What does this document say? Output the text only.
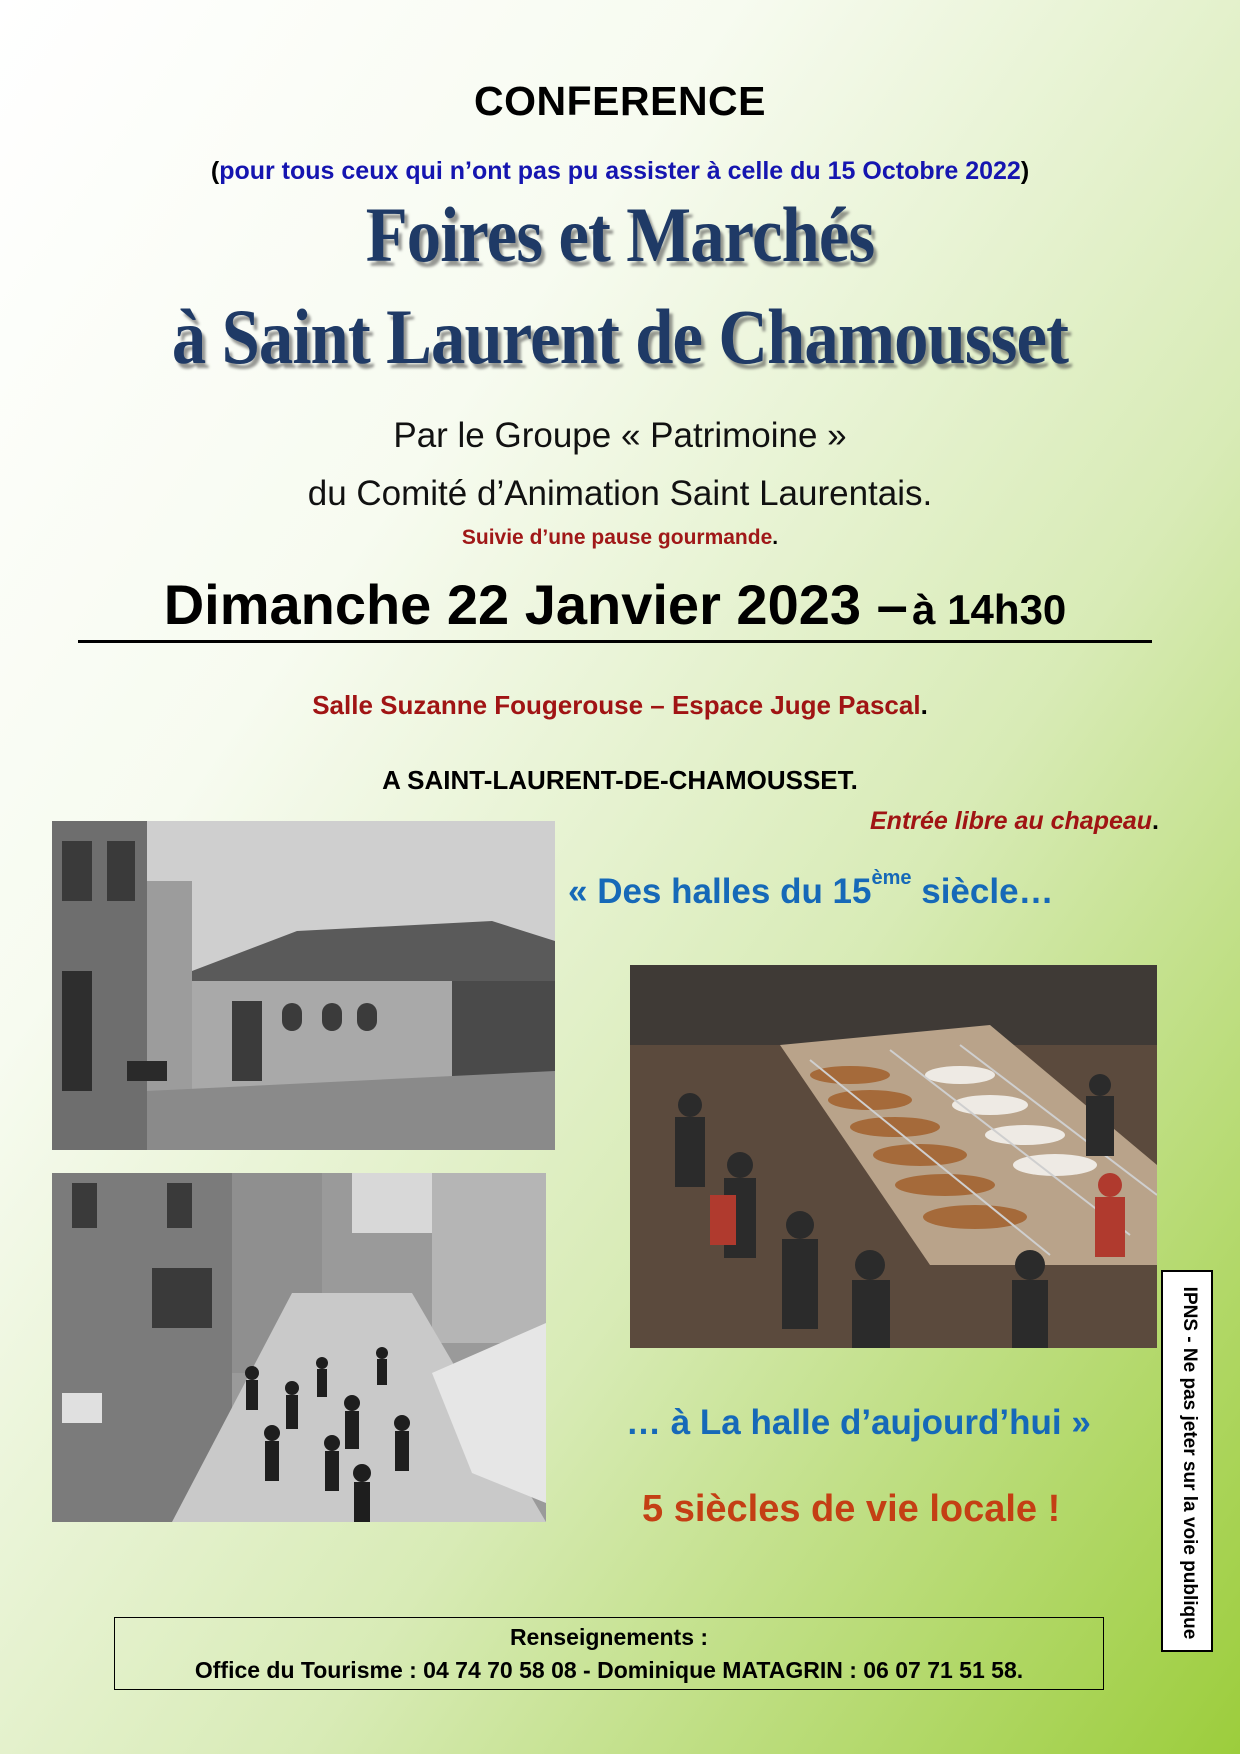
CONFERENCE
(pour tous ceux qui n’ont pas pu assister à celle du 15 Octobre 2022)
Foires et Marchés
à Saint Laurent de Chamousset
Par le Groupe « Patrimoine »
du Comité d’Animation Saint Laurentais.
Suivie d’une pause gourmande.
Dimanche 22 Janvier 2023 – à 14h30
Salle Suzanne Fougerouse – Espace Juge Pascal.
A SAINT-LAURENT-DE-CHAMOUSSET.
Entrée libre au chapeau.
« Des halles du 15ème siècle…
… à La halle d’aujourd’hui »
5 siècles de vie locale !	IPNS - Ne pas jeter sur la voie publique
Renseignements :
Office du Tourisme : 04 74 70 58 08 - Dominique MATAGRIN : 06 07 71 51 58.
